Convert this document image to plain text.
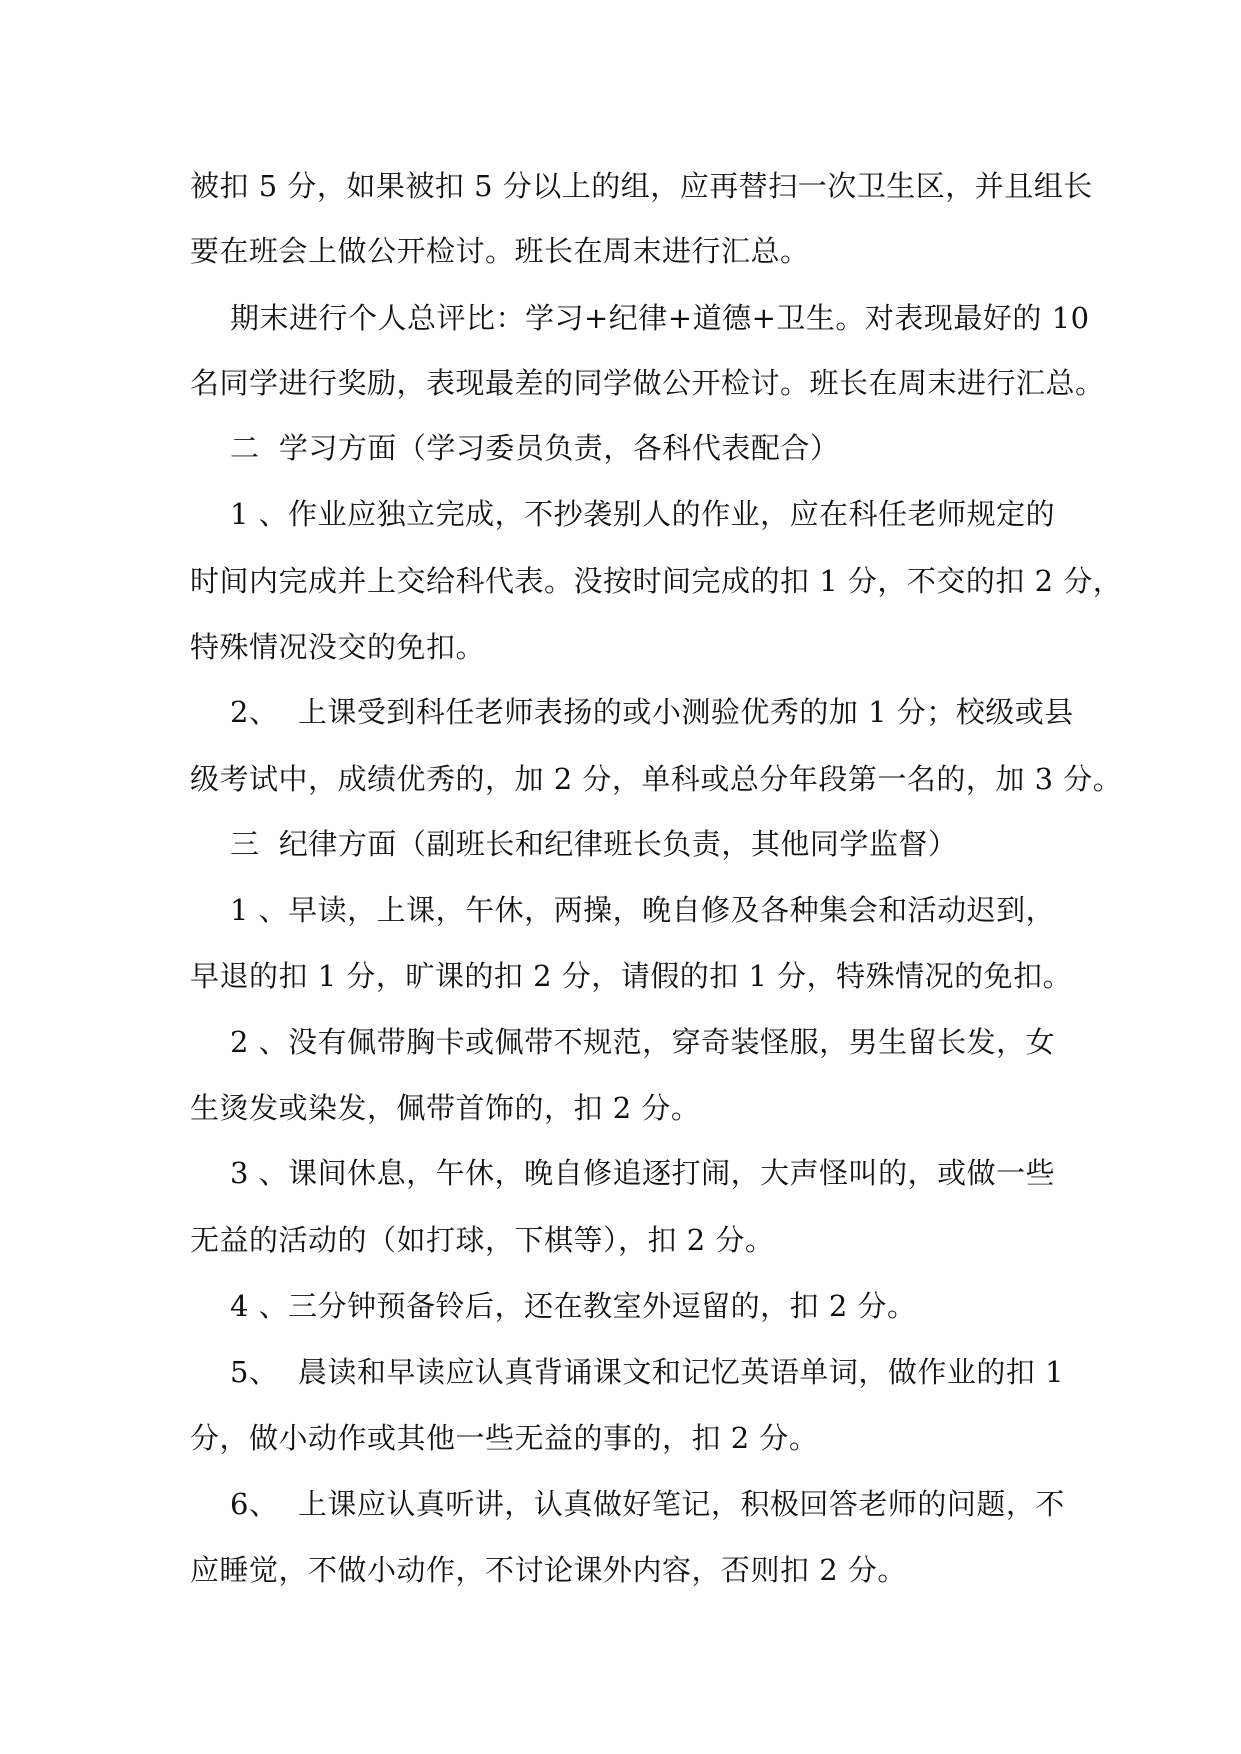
被扣 5 分，如果被扣 5 分以上的组，应再替扫一次卫生区，并且组长
要在班会上做公开检讨。班长在周末进行汇总。
期末进行个人总评比：学习+纪律+道德+卫生。对表现最好的 10
名同学进行奖励，表现最差的同学做公开检讨。班长在周末进行汇总。
二  学习方面（学习委员负责，各科代表配合）
1 、作业应独立完成，不抄袭别人的作业，应在科任老师规定的
时间内完成并上交给科代表。没按时间完成的扣 1 分，不交的扣 2 分，
特殊情况没交的免扣。
2、  上课受到科任老师表扬的或小测验优秀的加 1 分；校级或县
级考试中，成绩优秀的，加 2 分，单科或总分年段第一名的，加 3 分。
三  纪律方面（副班长和纪律班长负责，其他同学监督）
1 、早读，上课，午休，两操，晚自修及各种集会和活动迟到，
早退的扣 1 分，旷课的扣 2 分，请假的扣 1 分，特殊情况的免扣。
2 、没有佩带胸卡或佩带不规范，穿奇装怪服，男生留长发，女
生烫发或染发，佩带首饰的，扣 2 分。
3 、课间休息，午休，晚自修追逐打闹，大声怪叫的，或做一些
无益的活动的（如打球，下棋等），扣 2 分。
4 、三分钟预备铃后，还在教室外逗留的，扣 2 分。
5、  晨读和早读应认真背诵课文和记忆英语单词，做作业的扣 1
分，做小动作或其他一些无益的事的，扣 2 分。
6、  上课应认真听讲，认真做好笔记，积极回答老师的问题，不
应睡觉，不做小动作，不讨论课外内容，否则扣 2 分。
